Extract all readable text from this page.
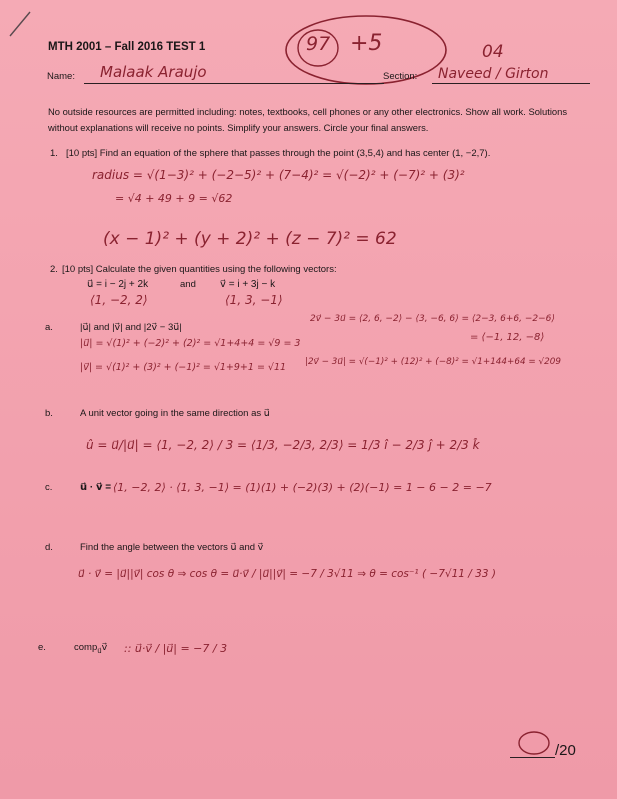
MTH 2001 – Fall 2016 TEST 1	97 +5	04
Name: Malaak Araujo	Section: Naveed / Girton
No outside resources are permitted including: notes, textbooks, cell phones or any other electronics. Show all work. Solutions without explanations will receive no points. Simplify your answers. Circle your final answers.
1. [10 pts] Find an equation of the sphere that passes through the point (3,5,4) and has center (1, −2,7).
radius = √(1−3)² + (−2−5)² + (7−4)² = √(−2)² + (−7)² + (3)²
= √4 + 49 + 9 = √62
(x − 1)² + (y + 2)² + (z − 7)² = 62
2. [10 pts] Calculate the given quantities using the following vectors:
u⃗ = i − 2j + 2k	and v⃗ = i + 3j − k
⟨1, −2, 2⟩	⟨1, 3, −1⟩
a.	|u⃗| and |v⃗| and |2v⃗ − 3u⃗|
|u⃗| = √(1)² + (−2)² + (2)² = √1+4+4 = √9 = 3
|v⃗| = √(1)² + (3)² + (−1)² = √1+9+1 = √11
2v⃗ − 3u⃗ = ⟨2, 6, −2⟩ − ⟨3, −6, 6⟩ = ⟨2−3, 6+6, −2−6⟩
= ⟨−1, 12, −8⟩
|2v⃗ − 3u⃗| = √(−1)² + (12)² + (−8)² = √1+144+64 = √209
b.	A unit vector going in the same direction as u⃗
û = u⃗/|u⃗| = ⟨1, −2, 2⟩ / 3 = ⟨1/3, −2/3, 2/3⟩ = 1/3 î − 2/3 ĵ + 2/3 k̂
c.	u⃗ · v⃗ = ⟨1, −2, 2⟩ · ⟨1, 3, −1⟩ = (1)(1) + (−2)(3) + (2)(−1) = 1 − 6 − 2 = −7
d.	Find the angle between the vectors u⃗ and v⃗
u⃗ · v⃗ = |u⃗||v⃗| cos θ ⇒ cos θ = u⃗·v⃗ / |u⃗||v⃗| = −7 / 3√11 ⇒ θ = cos⁻¹ ( −7√11 / 33 )
e.	comp$_{u⃗}$v⃗ :: u⃗·v⃗ / |u⃗| = −7 / 3
/20
